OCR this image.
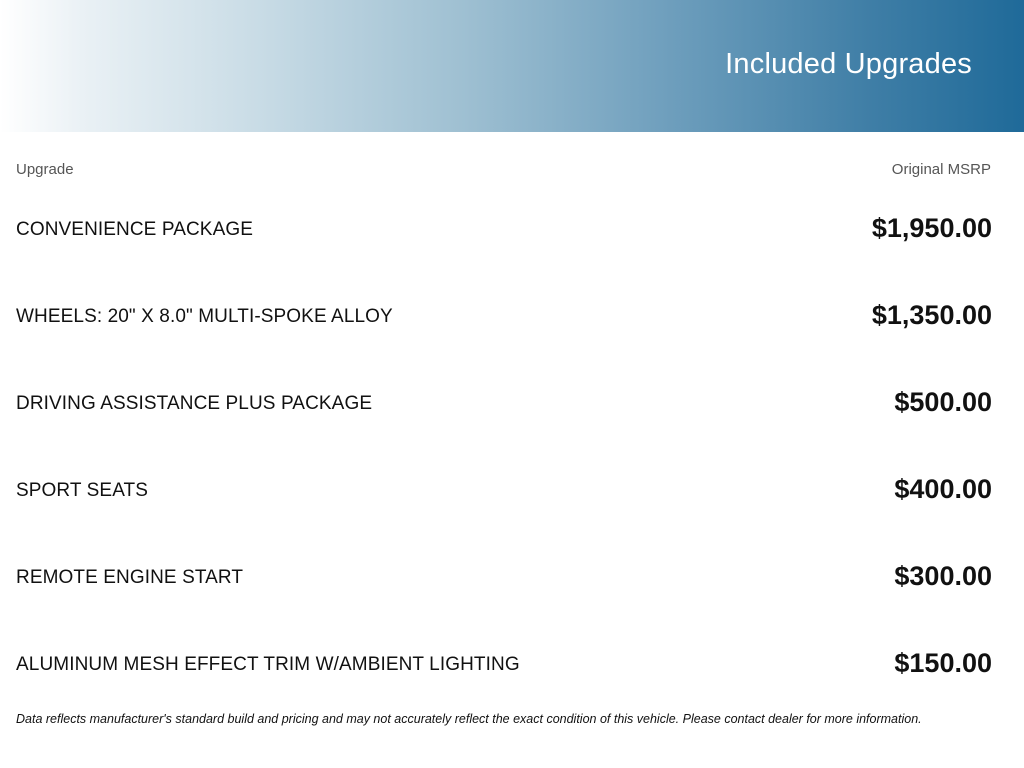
Included Upgrades
Upgrade	Original MSRP
CONVENIENCE PACKAGE	$1,950.00
WHEELS: 20" X 8.0" MULTI-SPOKE ALLOY	$1,350.00
DRIVING ASSISTANCE PLUS PACKAGE	$500.00
SPORT SEATS	$400.00
REMOTE ENGINE START	$300.00
ALUMINUM MESH EFFECT TRIM W/AMBIENT LIGHTING	$150.00
Data reflects manufacturer's standard build and pricing and may not accurately reflect the exact condition of this vehicle. Please contact dealer for more information.
